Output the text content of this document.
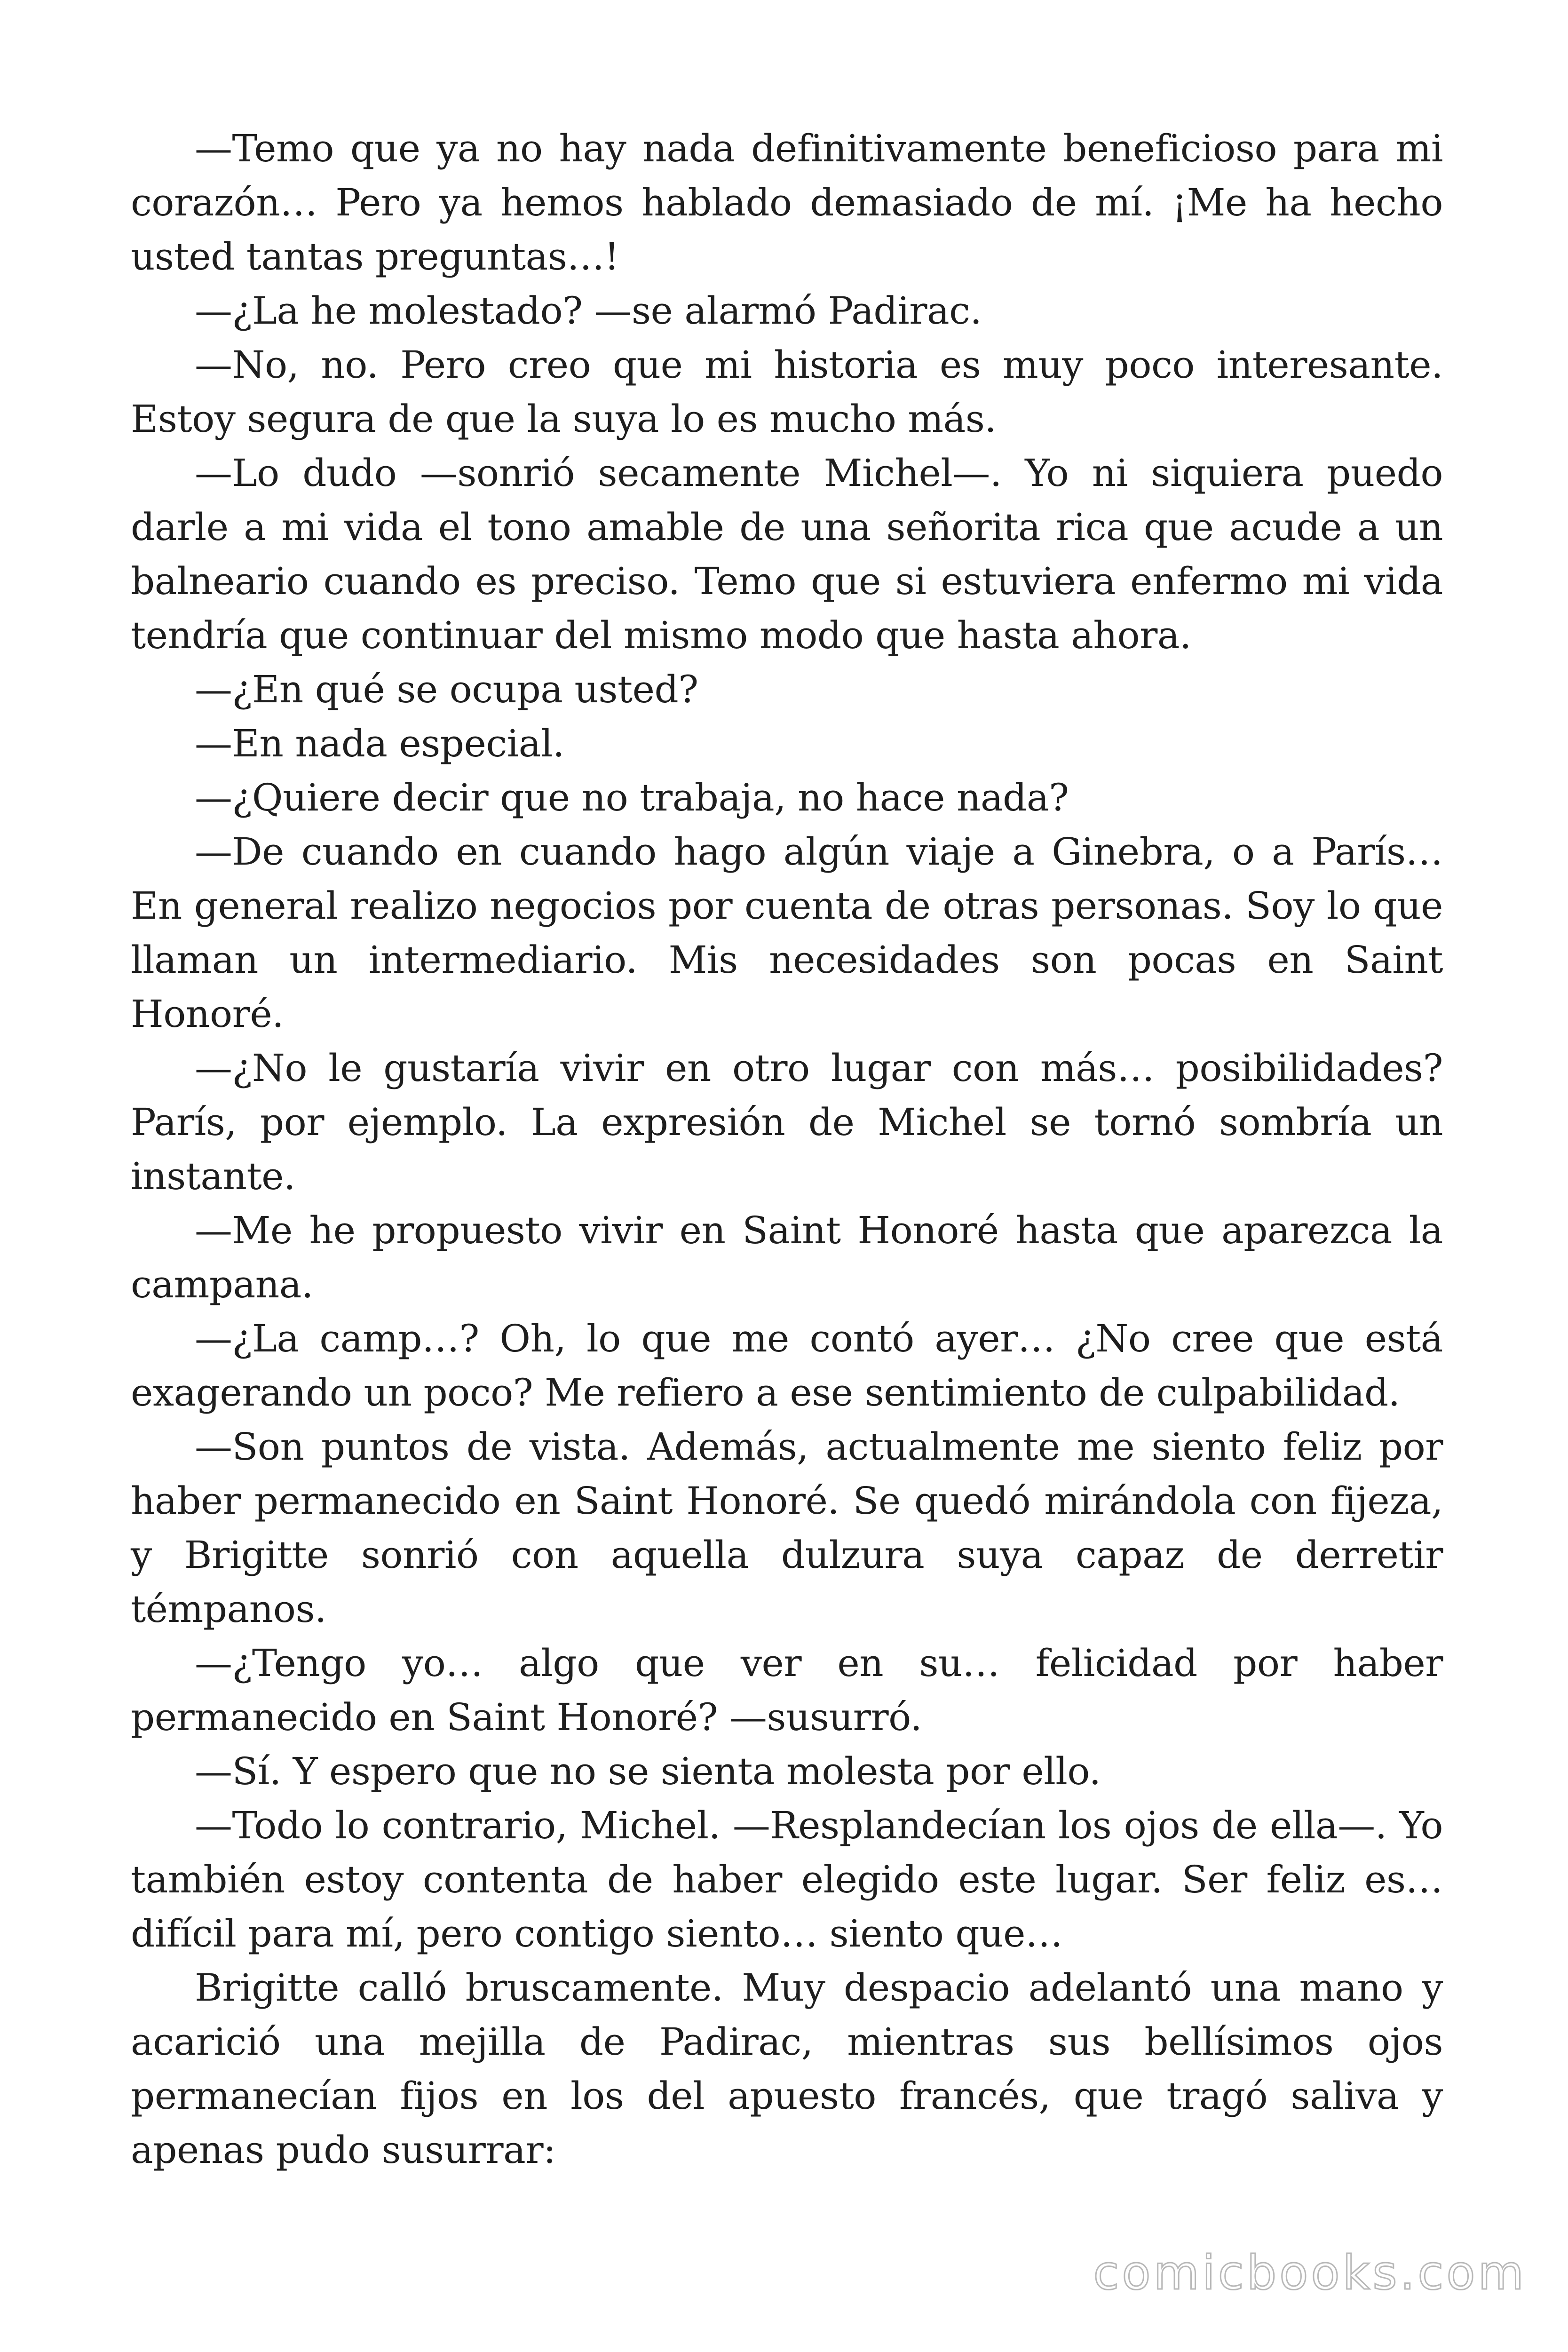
—Temo que ya no hay nada definitivamente beneficioso para mi corazón… Pero ya hemos hablado demasiado de mí. ¡Me ha hecho usted tantas preguntas…!

—¿La he molestado? —se alarmó Padirac.

—No, no. Pero creo que mi historia es muy poco interesante. Estoy segura de que la suya lo es mucho más.

—Lo dudo —sonrió secamente Michel—. Yo ni siquiera puedo darle a mi vida el tono amable de una señorita rica que acude a un balneario cuando es preciso. Temo que si estuviera enfermo mi vida tendría que continuar del mismo modo que hasta ahora.

—¿En qué se ocupa usted?

—En nada especial.

—¿Quiere decir que no trabaja, no hace nada?

—De cuando en cuando hago algún viaje a Ginebra, o a París… En general realizo negocios por cuenta de otras personas. Soy lo que llaman un intermediario. Mis necesidades son pocas en Saint Honoré.

—¿No le gustaría vivir en otro lugar con más… posibilidades? París, por ejemplo. La expresión de Michel se tornó sombría un instante.

—Me he propuesto vivir en Saint Honoré hasta que aparezca la campana.

—¿La camp…? Oh, lo que me contó ayer… ¿No cree que está exagerando un poco? Me refiero a ese sentimiento de culpabilidad.

—Son puntos de vista. Además, actualmente me siento feliz por haber permanecido en Saint Honoré. Se quedó mirándola con fijeza, y Brigitte sonrió con aquella dulzura suya capaz de derretir témpanos.

—¿Tengo yo… algo que ver en su… felicidad por haber permanecido en Saint Honoré? —susurró.

—Sí. Y espero que no se sienta molesta por ello.

—Todo lo contrario, Michel. —Resplandecían los ojos de ella—. Yo también estoy contenta de haber elegido este lugar. Ser feliz es… difícil para mí, pero contigo siento… siento que…

Brigitte calló bruscamente. Muy despacio adelantó una mano y acarició una mejilla de Padirac, mientras sus bellísimos ojos permanecían fijos en los del apuesto francés, que tragó saliva y apenas pudo susurrar:

comicbooks.com
